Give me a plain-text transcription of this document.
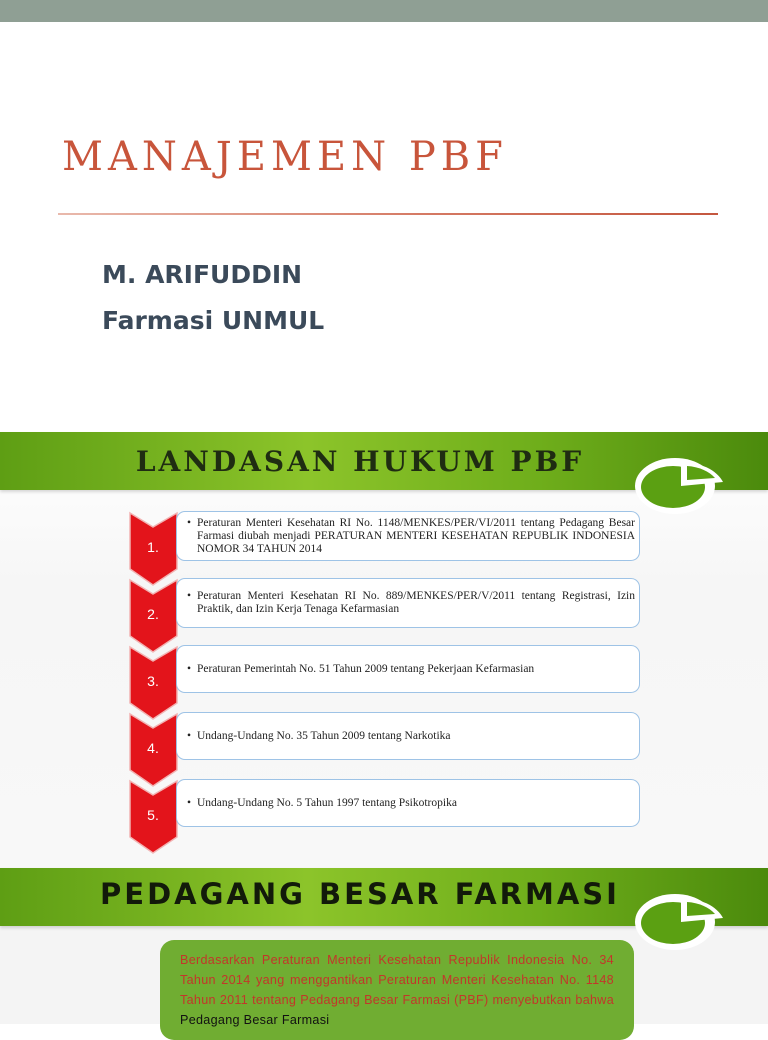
MANAJEMEN PBF
M. ARIFUDDIN
Farmasi UNMUL
LANDASAN HUKUM PBF
1.
• Peraturan Menteri Kesehatan RI No. 1148/MENKES/PER/VI/2011 tentang Pedagang Besar Farmasi diubah menjadi PERATURAN MENTERI KESEHATAN REPUBLIK INDONESIA NOMOR 34 TAHUN 2014
2.
• Peraturan Menteri Kesehatan RI No. 889/MENKES/PER/V/2011 tentang Registrasi, Izin Praktik, dan Izin Kerja Tenaga Kefarmasian
3.
• Peraturan Pemerintah No. 51 Tahun 2009 tentang Pekerjaan Kefarmasian
4.
• Undang-Undang No. 35 Tahun 2009 tentang Narkotika
5.
• Undang-Undang No. 5 Tahun 1997 tentang Psikotropika
PEDAGANG BESAR FARMASI
Berdasarkan Peraturan Menteri Kesehatan Republik Indonesia No. 34 Tahun 2014 yang menggantikan Peraturan Menteri Kesehatan No. 1148 Tahun 2011 tentang Pedagang Besar Farmasi (PBF) menyebutkan bahwa Pedagang Besar Farmasi
